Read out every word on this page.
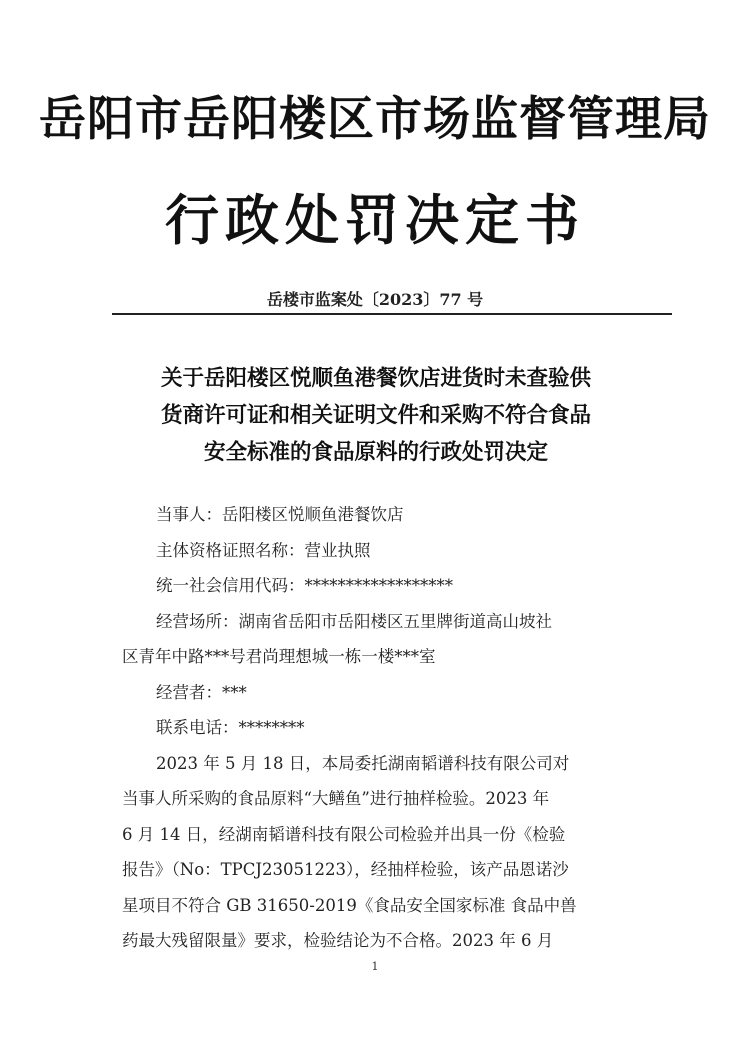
岳阳市岳阳楼区市场监督管理局
行政处罚决定书
岳楼市监案处〔2023〕77 号
关于岳阳楼区悦顺鱼港餐饮店进货时未查验供
货商许可证和相关证明文件和采购不符合食品
安全标准的食品原料的行政处罚决定
当事人：岳阳楼区悦顺鱼港餐饮店
主体资格证照名称：营业执照
统一社会信用代码：******************
经营场所：湖南省岳阳市岳阳楼区五里牌街道高山坡社
区青年中路***号君尚理想城一栋一楼***室
经营者：***
联系电话：********
2023 年 5 月 18 日，本局委托湖南韬谱科技有限公司对
当事人所采购的食品原料“大鳝鱼”进行抽样检验。2023 年
6 月 14 日，经湖南韬谱科技有限公司检验并出具一份《检验
报告》（No：TPCJ23051223），经抽样检验，该产品恩诺沙
星项目不符合 GB 31650-2019《食品安全国家标准 食品中兽
药最大残留限量》要求，检验结论为不合格。2023 年 6 月
1
